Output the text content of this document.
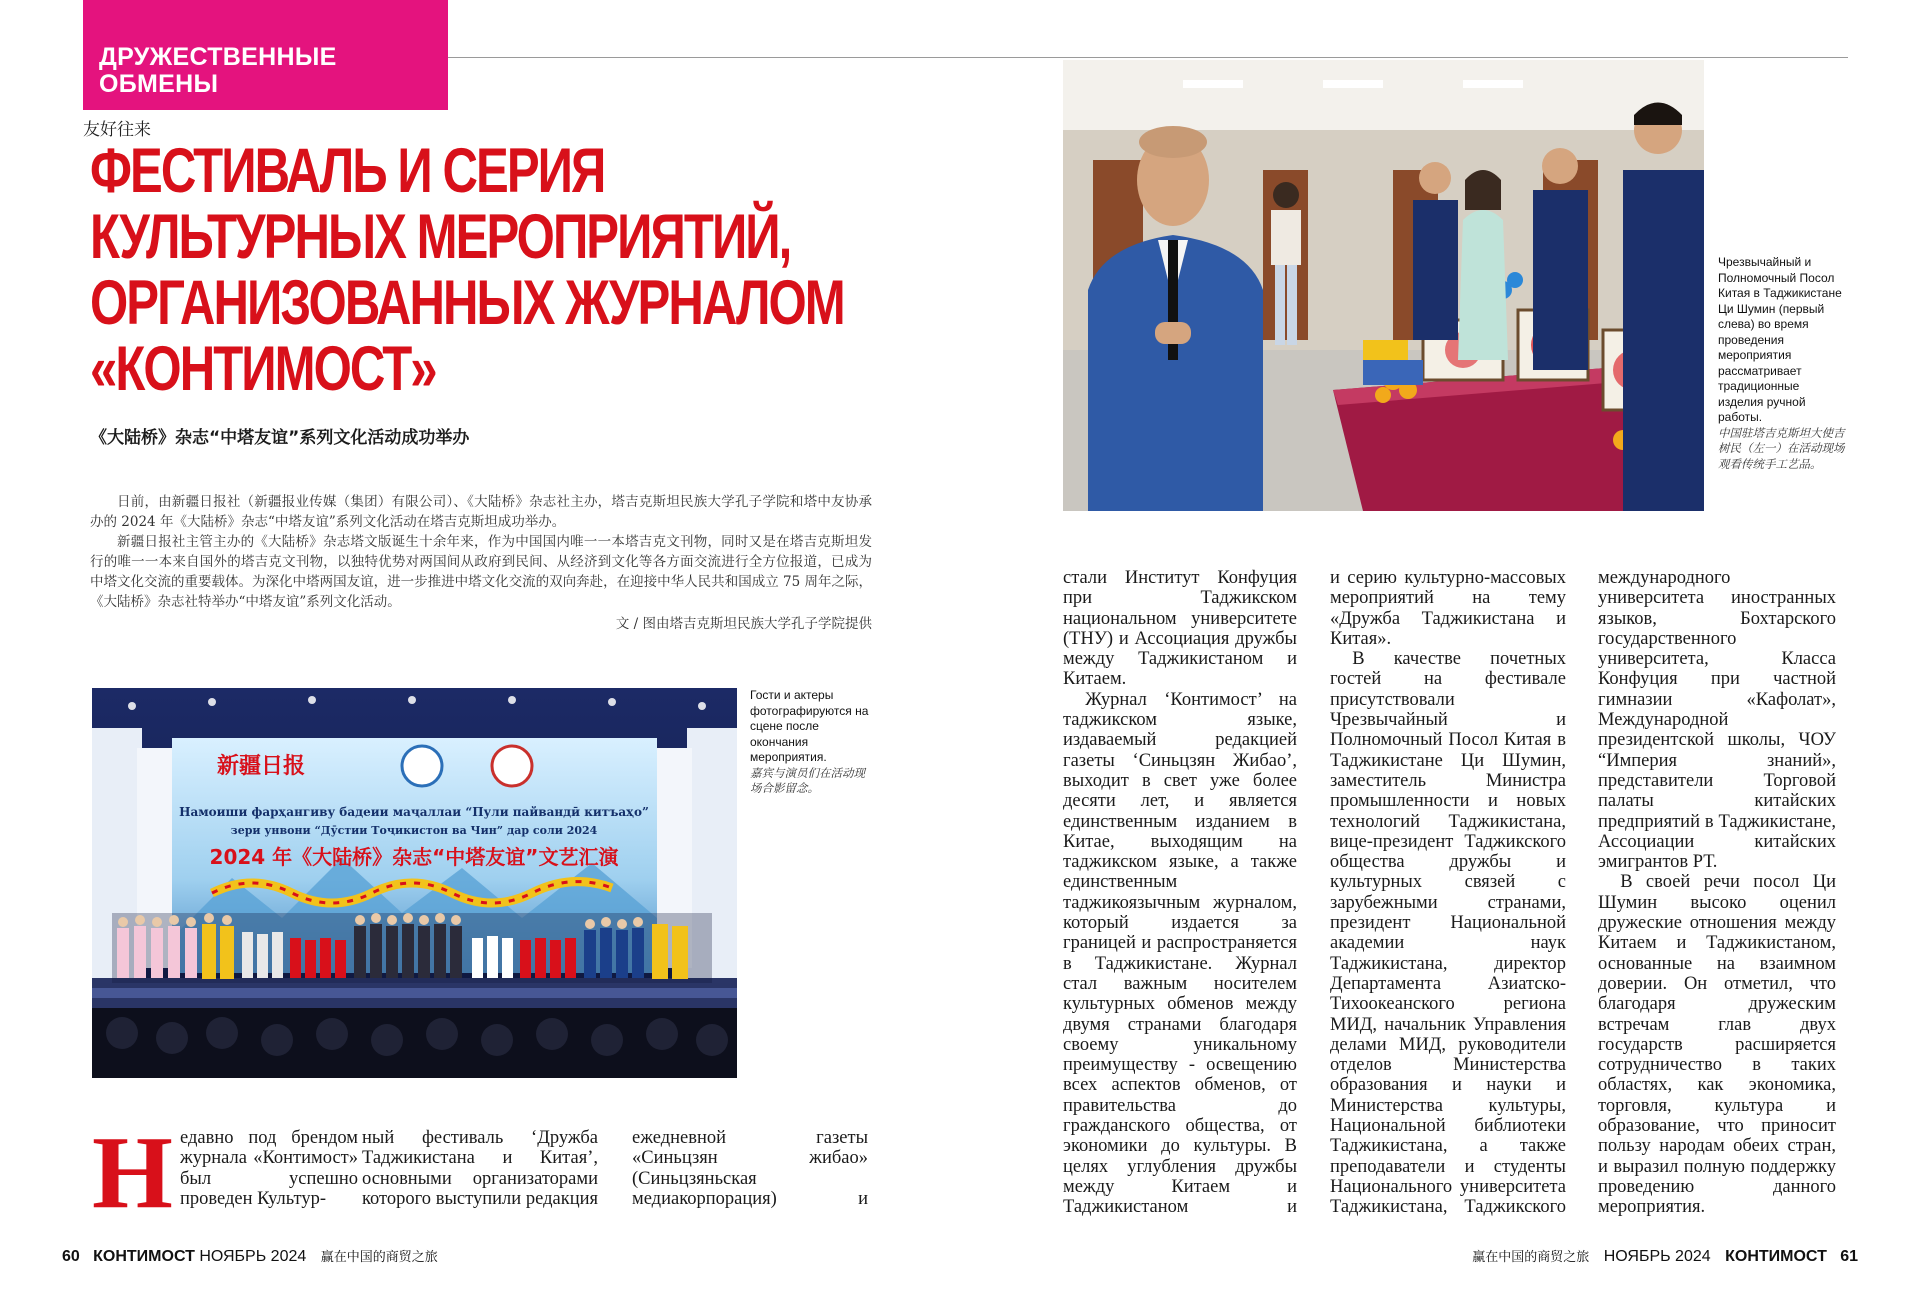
ДРУЖЕСТВЕННЫЕ
ОБМЕНЫ
友好往来
ФЕСТИВАЛЬ И СЕРИЯ
КУЛЬТУРНЫХ МЕРОПРИЯТИЙ,
ОРГАНИЗОВАННЫХ ЖУРНАЛОМ
«КОНТИМОСТ»
《大陆桥》杂志“中塔友谊”系列文化活动成功举办

日前，由新疆日报社（新疆报业传媒（集团）有限公司）、《大陆桥》杂志社主办，塔吉克斯坦民族大学孔子学院和塔中友协承办的 2024 年《大陆桥》杂志“中塔友谊”系列文化活动在塔吉克斯坦成功举办。

新疆日报社主管主办的《大陆桥》杂志塔文版诞生十余年来，作为中国国内唯一一本塔吉克文刊物，同时又是在塔吉克斯坦发行的唯一一本来自国外的塔吉克文刊物，以独特优势对两国间从政府到民间、从经济到文化等各方面交流进行全方位报道，已成为中塔文化交流的重要载体。为深化中塔两国友谊，进一步推进中塔文化交流的双向奔赴，在迎接中华人民共和国成立 75 周年之际，《大陆桥》杂志社特举办“中塔友谊”系列文化活动。

文 / 图由塔吉克斯坦民族大学孔子学院提供

新疆日报
Намоиши фарҳангиву бадеии маҷаллаи “Пули пайвандӣ китъаҳо”
зери унвони “Дӯстии Тоҷикистон ва Чин” дар соли 2024
2024 年《大陆桥》杂志“中塔友谊”文艺汇演
Гости и актеры фотографируются на сцене после окончания мероприятия.
嘉宾与演员们在活动现场合影留念。
Н едавно под брендом журнала «Контимост» был успешно проведен Культур-

ный фестиваль ‘Дружба Таджикистана и Китая’, основными организаторами которого выступили редакция

ежедневной газеты «Синьцзян жибао» (Синьцзяньская медиакорпорация) и

Чрезвычайный и Полномочный Посол Китая в Таджикистане Ци Шумин (первый слева) во время проведения мероприятия рассматривает традиционные изделия ручной работы.
中国驻塔吉克斯坦大使吉树民（左一）在活动现场观看传统手工艺品。

стали Институт Конфуция при Таджикском национальном университете (ТНУ) и Ассоциация дружбы между Таджикистаном и Китаем.

Журнал ‘Контимост’ на таджикском языке, издаваемый редакцией газеты ‘Синьцзян Жибао’, выходит в свет уже более десяти лет, и является единственным изданием в Китае, выходящим на таджикском языке, а также единственным таджикоязычным журналом, который издается за границей и распространяется в Таджикистане. Журнал стал важным носителем культурных обменов между двумя странами благодаря своему уникальному преимуществу - освещению всех аспектов обменов, от правительства до гражданского общества, от экономики до культуры. В целях углубления дружбы между Китаем и Таджикистаном и

и серию культурно-массовых мероприятий на тему «Дружба Таджикистана и Китая».

В качестве почетных гостей на фестивале присутствовали Чрезвычайный и Полномочный Посол Китая в Таджикистане Ци Шумин, заместитель Министра промышленности и новых технологий Таджикистана, вице-президент Таджикского общества дружбы и культурных связей с зарубежными странами, президент Национальной академии наук Таджикистана, директор Департамента Азиатско-Тихоокеанского региона МИД, начальник Управления делами МИД, руководители отделов Министерства образования и науки и Министерства культуры, Национальной библиотеки Таджикистана, а также преподаватели и студенты Национального университета Таджикистана, Таджикского

международного университета иностранных языков, Бохтарского государственного университета, Класса Конфуция при частной гимназии «Кафолат», Международной президентской школы, ЧОУ “Империя знаний», представители Торговой палаты китайских предприятий в Таджикистане, Ассоциации китайских эмигрантов РТ.

В своей речи посол Ци Шумин высоко оценил дружеские отношения между Китаем и Таджикистаном, основанные на взаимном доверии. Он отметил, что благодаря дружеским встречам глав двух государств расширяется сотрудничество в таких областях, как экономика, торговля, культура и образование, что приносит пользу народам обеих стран, и выразил полную поддержку проведению данного мероприятия.

60 КОНТИМОСТ НОЯБРЬ 2024 赢在中国的商贸之旅	赢在中国的商贸之旅 НОЯБРЬ 2024 КОНТИМОСТ 61
